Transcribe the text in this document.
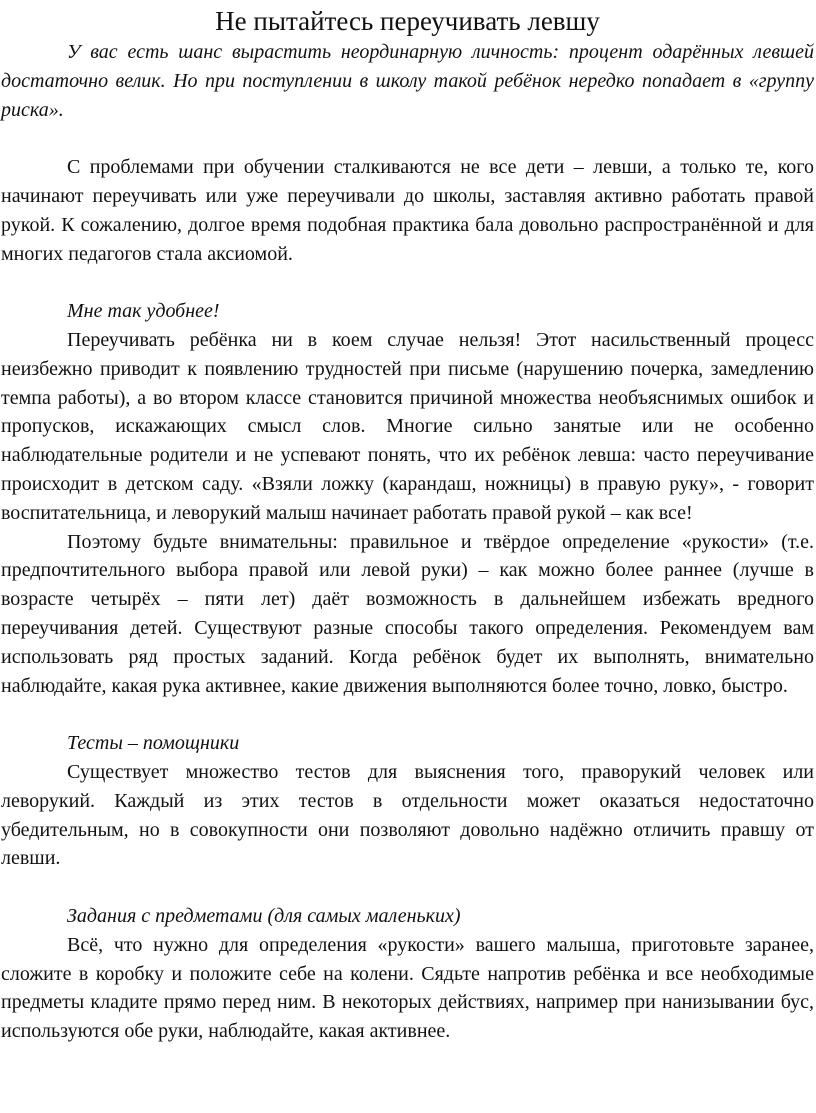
Не пытайтесь переучивать левшу

У вас есть шанс вырастить неординарную личность: процент одарённых левшей достаточно велик. Но при поступлении в школу такой ребёнок нередко попадает в «группу риска».

С проблемами при обучении сталкиваются не все дети – левши, а только те, кого начинают переучивать или уже переучивали до школы, заставляя активно работать правой рукой. К сожалению, долгое время подобная практика бала довольно распространённой и для многих педагогов стала аксиомой.

Мне так удобнее!

Переучивать ребёнка ни в коем случае нельзя! Этот насильственный процесс неизбежно приводит к появлению трудностей при письме (нарушению почерка, замедлению темпа работы), а во втором классе становится причиной множества необъяснимых ошибок и пропусков, искажающих смысл слов. Многие сильно занятые или не особенно наблюдательные родители и не успевают понять, что их ребёнок левша: часто переучивание происходит в детском саду. «Взяли ложку (карандаш, ножницы) в правую руку», - говорит воспитательница, и леворукий малыш начинает работать правой рукой – как все!

Поэтому будьте внимательны: правильное и твёрдое определение «рукости» (т.е. предпочтительного выбора правой или левой руки) – как можно более раннее (лучше в возрасте четырёх – пяти лет) даёт возможность в дальнейшем избежать вредного переучивания детей. Существуют разные способы такого определения. Рекомендуем вам использовать ряд простых заданий. Когда ребёнок будет их выполнять, внимательно наблюдайте, какая рука активнее, какие движения выполняются более точно, ловко, быстро.

Тесты – помощники

Существует множество тестов для выяснения того, праворукий человек или леворукий. Каждый из этих тестов в отдельности может оказаться недостаточно убедительным, но в совокупности они позволяют довольно надёжно отличить правшу от левши.

Задания с предметами (для самых маленьких)

Всё, что нужно для определения «рукости» вашего малыша, приготовьте заранее, сложите в коробку и положите себе на колени. Сядьте напротив ребёнка и все необходимые предметы кладите прямо перед ним. В некоторых действиях, например при нанизывании бус, используются обе руки, наблюдайте, какая активнее.
